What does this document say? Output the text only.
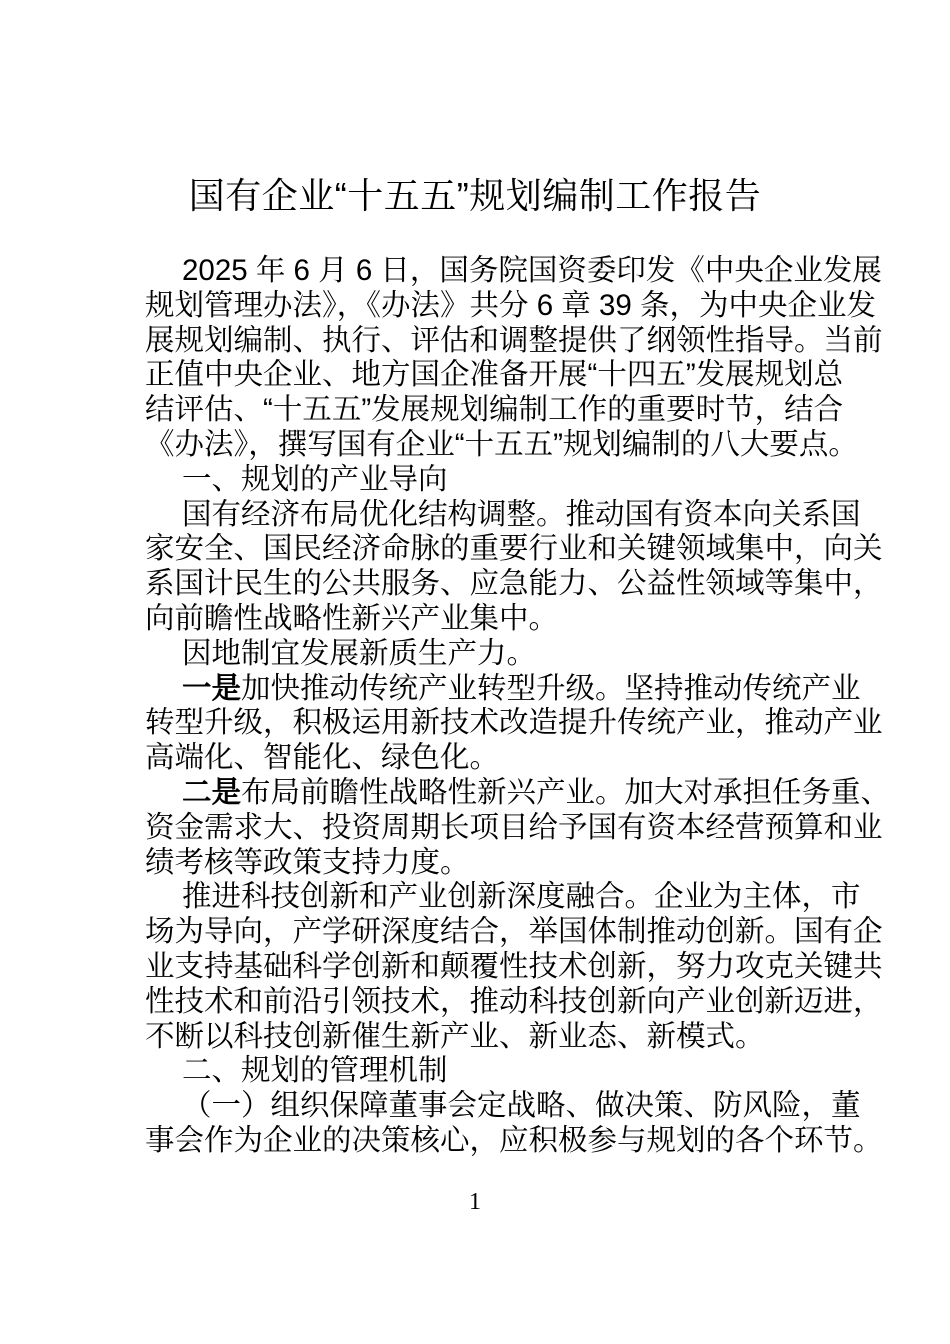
国有企业“十五五”规划编制工作报告
2025 年 6 月 6 日，国务院国资委印发《中央企业发展
规划管理办法》，《办法》共分 6 章 39 条，为中央企业发
展规划编制、执行、评估和调整提供了纲领性指导。当前
正值中央企业、地方国企准备开展“十四五”发展规划总
结评估、“十五五”发展规划编制工作的重要时节，结合
《办法》，撰写国有企业“十五五”规划编制的八大要点。
一、规划的产业导向
国有经济布局优化结构调整。推动国有资本向关系国
家安全、国民经济命脉的重要行业和关键领域集中，向关
系国计民生的公共服务、应急能力、公益性领域等集中，
向前瞻性战略性新兴产业集中。
因地制宜发展新质生产力。
一是加快推动传统产业转型升级。坚持推动传统产业
转型升级，积极运用新技术改造提升传统产业，推动产业
高端化、智能化、绿色化。
二是布局前瞻性战略性新兴产业。加大对承担任务重、
资金需求大、投资周期长项目给予国有资本经营预算和业
绩考核等政策支持力度。
推进科技创新和产业创新深度融合。企业为主体，市
场为导向，产学研深度结合，举国体制推动创新。国有企
业支持基础科学创新和颠覆性技术创新，努力攻克关键共
性技术和前沿引领技术，推动科技创新向产业创新迈进，
不断以科技创新催生新产业、新业态、新模式。
二、规划的管理机制
（一）组织保障董事会定战略、做决策、防风险，董
事会作为企业的决策核心，应积极参与规划的各个环节。
1
